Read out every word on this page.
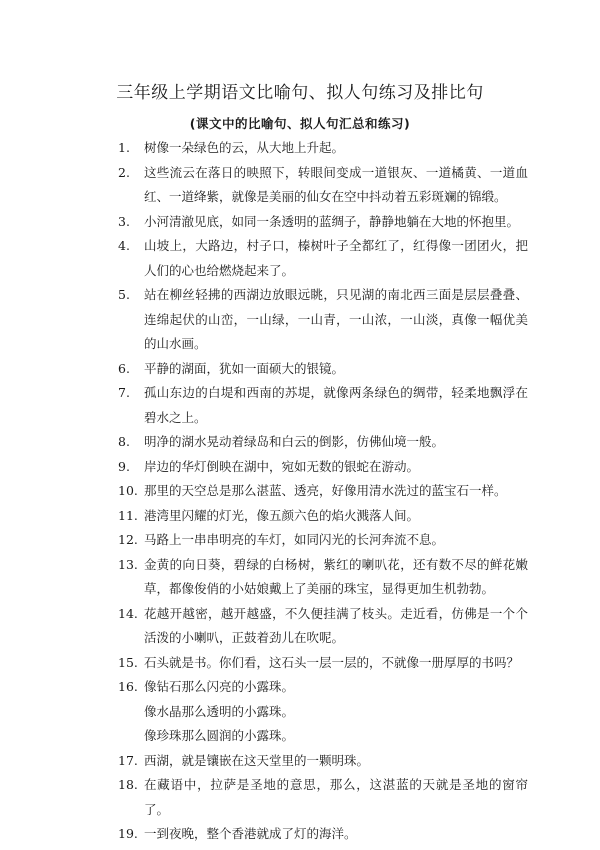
三年级上学期语文比喻句、拟人句练习及排比句
(课文中的比喻句、拟人句汇总和练习)
1.	树像一朵绿色的云，从大地上升起。
2.	这些流云在落日的映照下，转眼间变成一道银灰、一道橘黄、一道血红、一道绛紫，就像是美丽的仙女在空中抖动着五彩斑斓的锦缎。
3.	小河清澈见底，如同一条透明的蓝绸子，静静地躺在大地的怀抱里。
4.	山坡上，大路边，村子口，榛树叶子全都红了，红得像一团团火，把人们的心也给燃烧起来了。
5.	站在柳丝轻拂的西湖边放眼远眺，只见湖的南北西三面是层层叠叠、连绵起伏的山峦，一山绿，一山青，一山浓，一山淡，真像一幅优美的山水画。
6.	平静的湖面，犹如一面硕大的银镜。
7.	孤山东边的白堤和西南的苏堤，就像两条绿色的绸带，轻柔地飘浮在碧水之上。
8.	明净的湖水晃动着绿岛和白云的倒影，仿佛仙境一般。
9.	岸边的华灯倒映在湖中，宛如无数的银蛇在游动。
10. 那里的天空总是那么湛蓝、透亮，好像用清水洗过的蓝宝石一样。
11. 港湾里闪耀的灯光，像五颜六色的焰火溅落人间。
12. 马路上一串串明亮的车灯，如同闪光的长河奔流不息。
13. 金黄的向日葵，碧绿的白杨树，紫红的喇叭花，还有数不尽的鲜花嫩草，都像俊俏的小姑娘戴上了美丽的珠宝，显得更加生机勃勃。
14. 花越开越密，越开越盛，不久便挂满了枝头。走近看，仿佛是一个个活泼的小喇叭，正鼓着劲儿在吹呢。
15. 石头就是书。你们看，这石头一层一层的，不就像一册厚厚的书吗？
16. 像钻石那么闪亮的小露珠。
像水晶那么透明的小露珠。
像珍珠那么圆润的小露珠。
17. 西湖，就是镶嵌在这天堂里的一颗明珠。
18. 在藏语中，拉萨是圣地的意思，那么，这湛蓝的天就是圣地的窗帘了。
19. 一到夜晚，整个香港就成了灯的海洋。
